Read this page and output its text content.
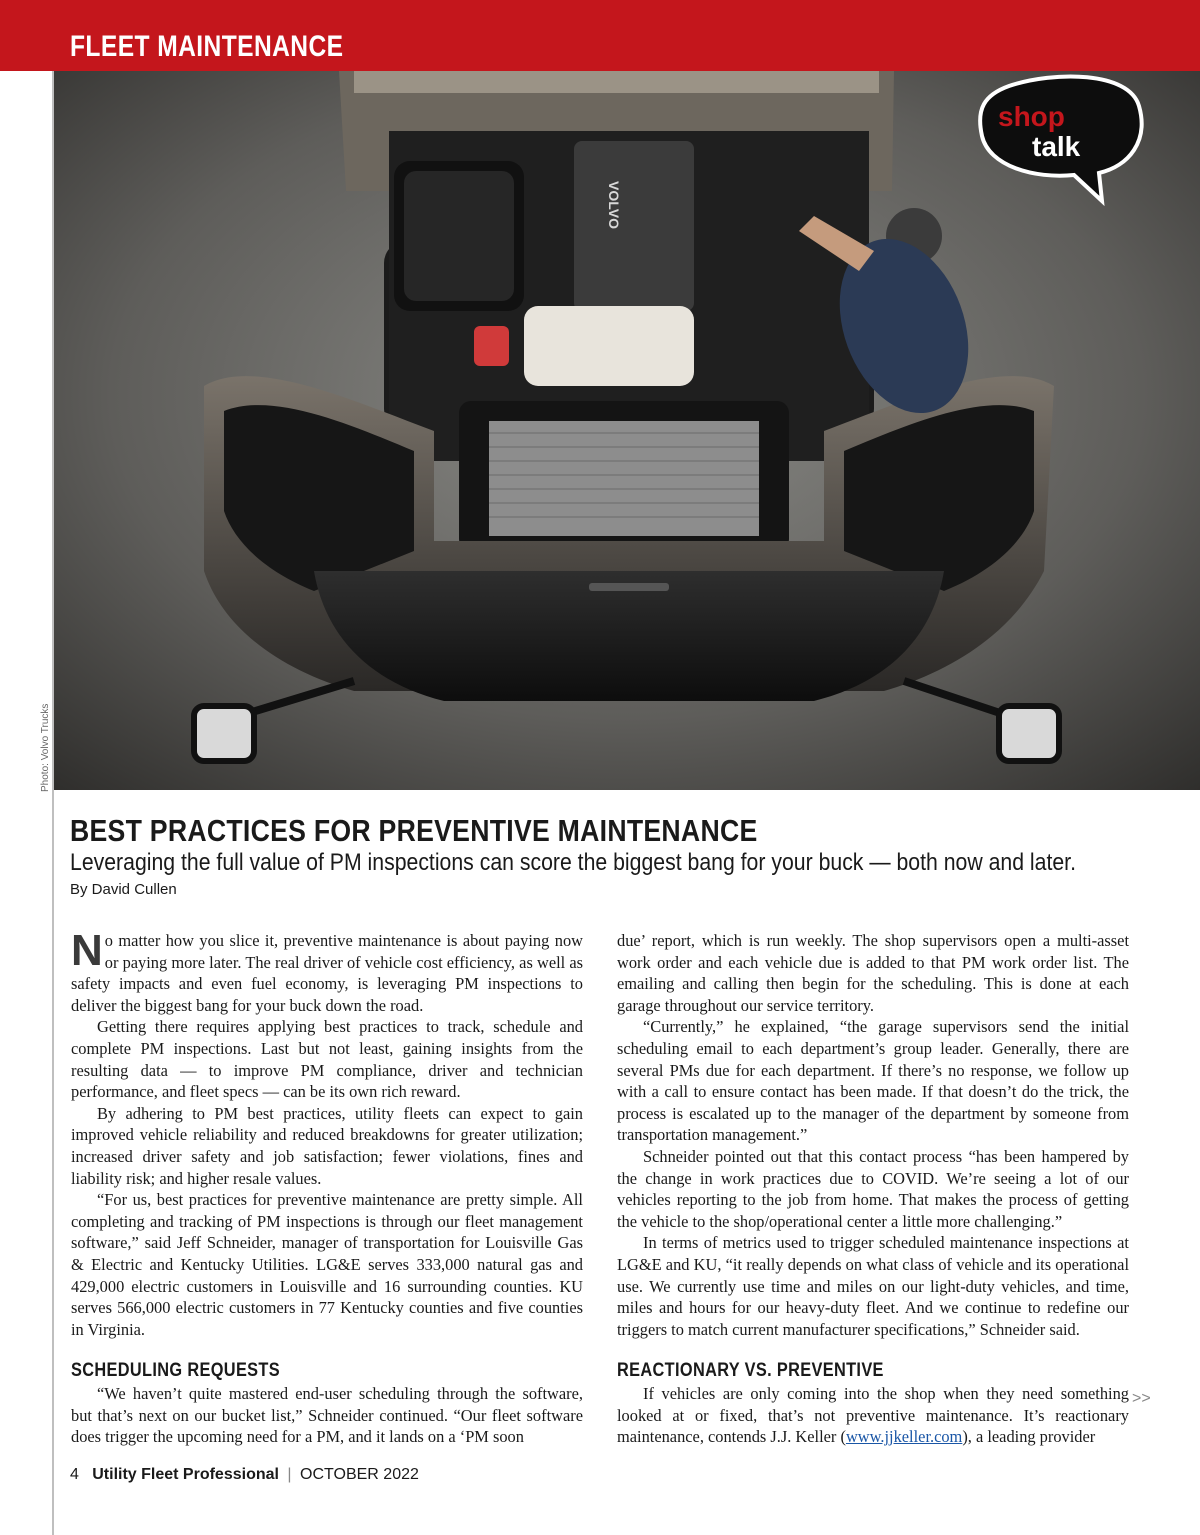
FLEET MAINTENANCE
VOLVO
shop
talk
Photo: Volvo Trucks
BEST PRACTICES FOR PREVENTIVE MAINTENANCE
Leveraging the full value of PM inspections can score the biggest bang for your buck — both now and later.
By David Cullen

No matter how you slice it, preventive maintenance is about paying now or paying more later. The real driver of vehicle cost efficiency, as well as safety impacts and even fuel economy, is leveraging PM inspections to deliver the biggest bang for your buck down the road.

Getting there requires applying best practices to track, schedule and complete PM inspections. Last but not least, gaining insights from the resulting data — to improve PM compliance, driver and technician performance, and fleet specs — can be its own rich reward.

By adhering to PM best practices, utility fleets can expect to gain improved vehicle reliability and reduced breakdowns for greater utilization; increased driver safety and job satisfaction; fewer violations, fines and liability risk; and higher resale values.

“For us, best practices for preventive maintenance are pretty simple. All completing and tracking of PM inspections is through our fleet management software,” said Jeff Schneider, manager of transportation for Louisville Gas & Electric and Kentucky Utilities. LG&E serves 333,000 natural gas and 429,000 electric customers in Louisville and 16 surrounding counties. KU serves 566,000 electric customers in 77 Kentucky counties and five counties in Virginia.

SCHEDULING REQUESTS

“We haven’t quite mastered end-user scheduling through the software, but that’s next on our bucket list,” Schneider continued. “Our fleet software does trigger the upcoming need for a PM, and it lands on a ‘PM soon

due’ report, which is run weekly. The shop supervisors open a multi-asset work order and each vehicle due is added to that PM work order list. The emailing and calling then begin for the scheduling. This is done at each garage throughout our service territory.

“Currently,” he explained, “the garage supervisors send the initial scheduling email to each department’s group leader. Generally, there are several PMs due for each department. If there’s no response, we follow up with a call to ensure contact has been made. If that doesn’t do the trick, the process is escalated up to the manager of the department by someone from transportation management.”

Schneider pointed out that this contact process “has been hampered by the change in work practices due to COVID. We’re seeing a lot of our vehicles reporting to the job from home. That makes the process of getting the vehicle to the shop/operational center a little more challenging.”

In terms of metrics used to trigger scheduled maintenance inspections at LG&E and KU, “it really depends on what class of vehicle and its operational use. We currently use time and miles on our light-duty vehicles, and time, miles and hours for our heavy-duty fleet. And we continue to redefine our triggers to match current manufacturer specifications,” Schneider said.

REACTIONARY VS. PREVENTIVE

If vehicles are only coming into the shop when they need something looked at or fixed, that’s not preventive maintenance. It’s reactionary maintenance, contends J.J. Keller (www.jjkeller.com), a leading provider

>>
4 Utility Fleet Professional | OCTOBER 2022
